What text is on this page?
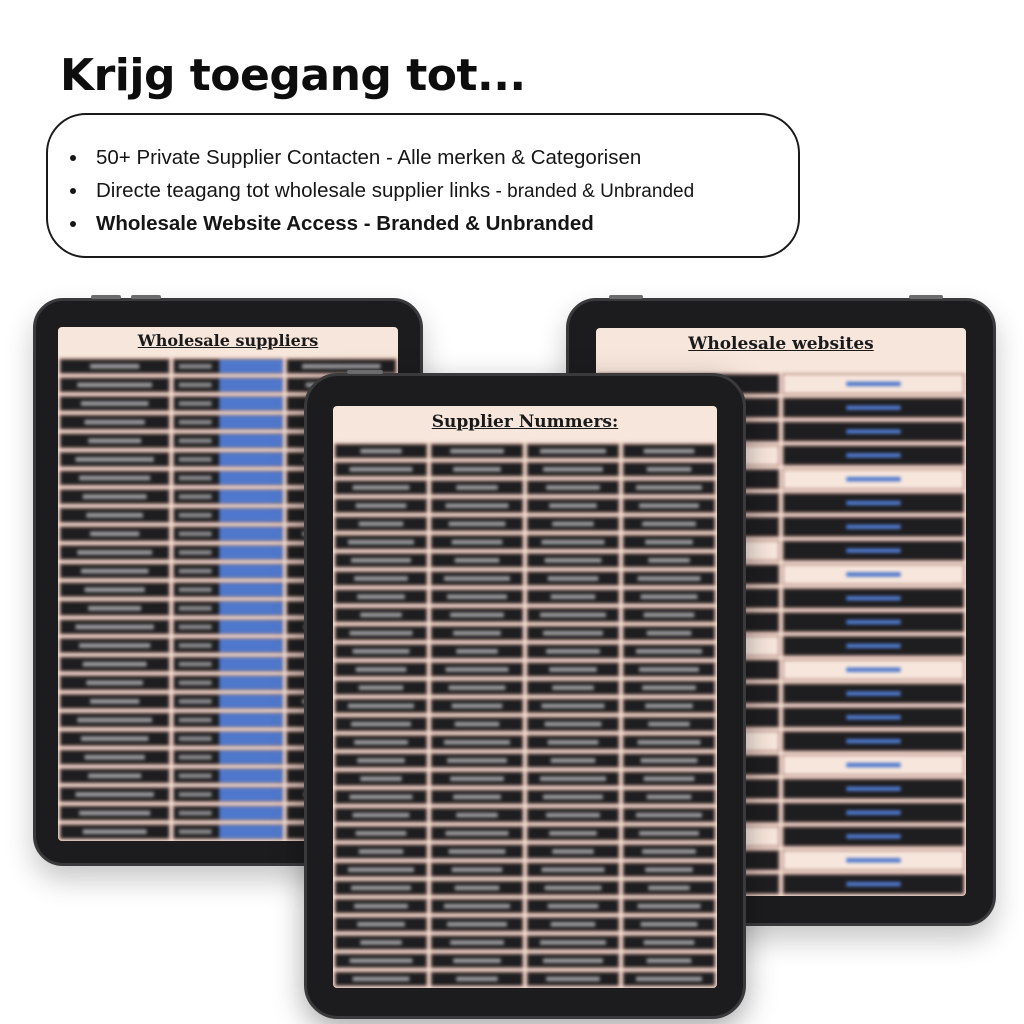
Krijg toegang tot...
50+ Private Supplier Contacten - Alle merken & Categorisen
Directe teagang tot wholesale supplier links - branded & Unbranded
Wholesale Website Access - Branded & Unbranded
Wholesale suppliers	Wholesale websites
Supplier Nummers:
